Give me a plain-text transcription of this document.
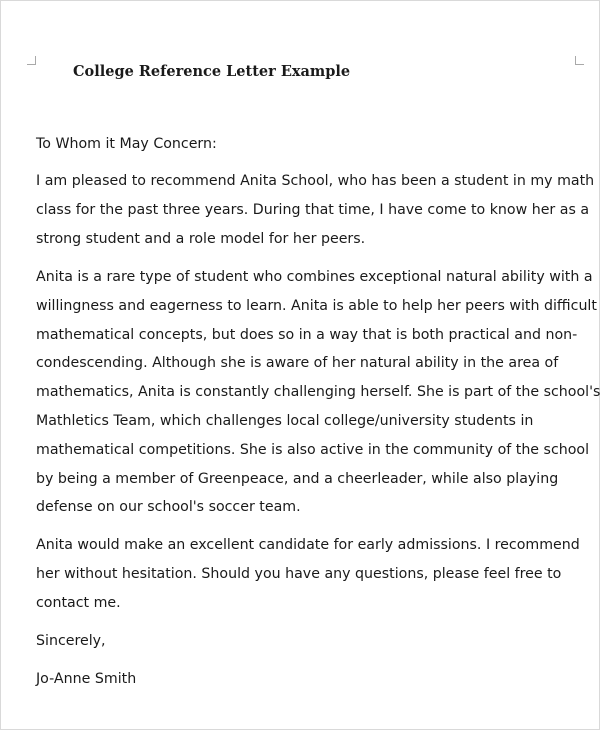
College Reference Letter Example

To Whom it May Concern:

I am pleased to recommend Anita School, who has been a student in my math
class for the past three years. During that time, I have come to know her as a
strong student and a role model for her peers.

Anita is a rare type of student who combines exceptional natural ability with a
willingness and eagerness to learn. Anita is able to help her peers with difficult
mathematical concepts, but does so in a way that is both practical and non-
condescending. Although she is aware of her natural ability in the area of
mathematics, Anita is constantly challenging herself. She is part of the school's
Mathletics Team, which challenges local college/university students in
mathematical competitions. She is also active in the community of the school
by being a member of Greenpeace, and a cheerleader, while also playing
defense on our school's soccer team.

Anita would make an excellent candidate for early admissions. I recommend
her without hesitation. Should you have any questions, please feel free to
contact me.

Sincerely,

Jo-Anne Smith
